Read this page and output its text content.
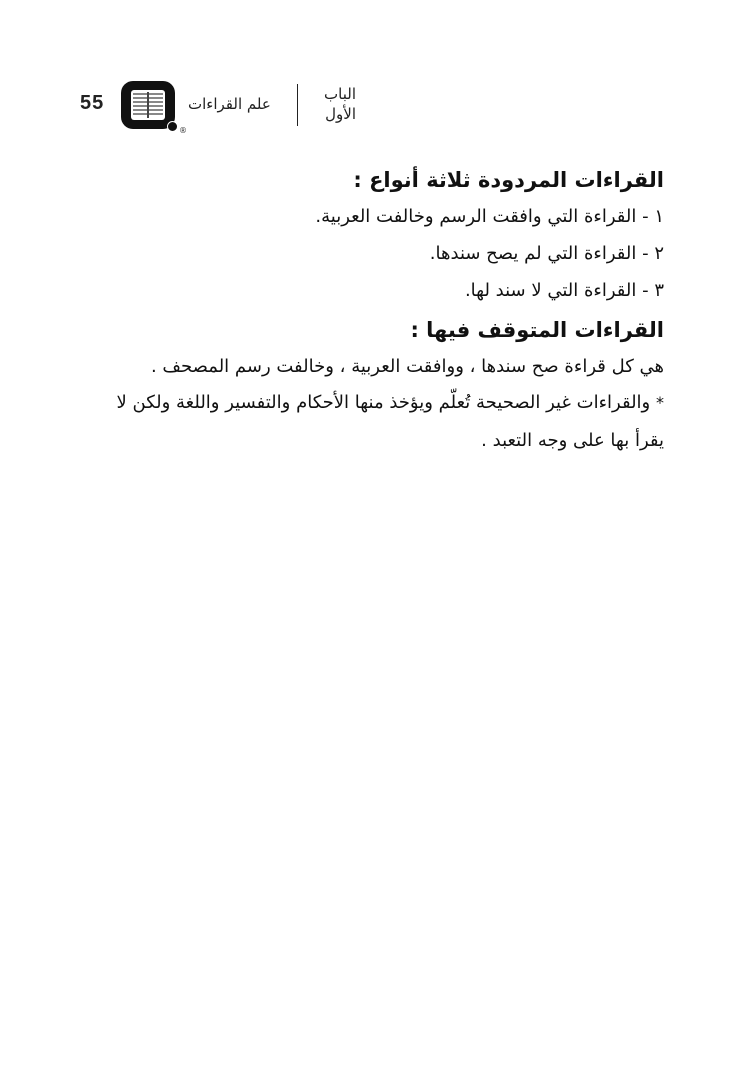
55
®
علم القراءات
الباب
الأول
القراءات المردودة ثلاثة أنواع :
١ - القراءة التي وافقت الرسم وخالفت العربية.
٢ - القراءة التي لم يصح سندها.
٣ - القراءة التي لا سند لها.
القراءات المتوقف فيها :
هي كل قراءة صح سندها ، ووافقت العربية ، وخالفت رسم المصحف .
* والقراءات غير الصحيحة تُعلّم ويؤخذ منها الأحكام والتفسير واللغة ولكن لا
يقرأ بها على وجه التعبد .
